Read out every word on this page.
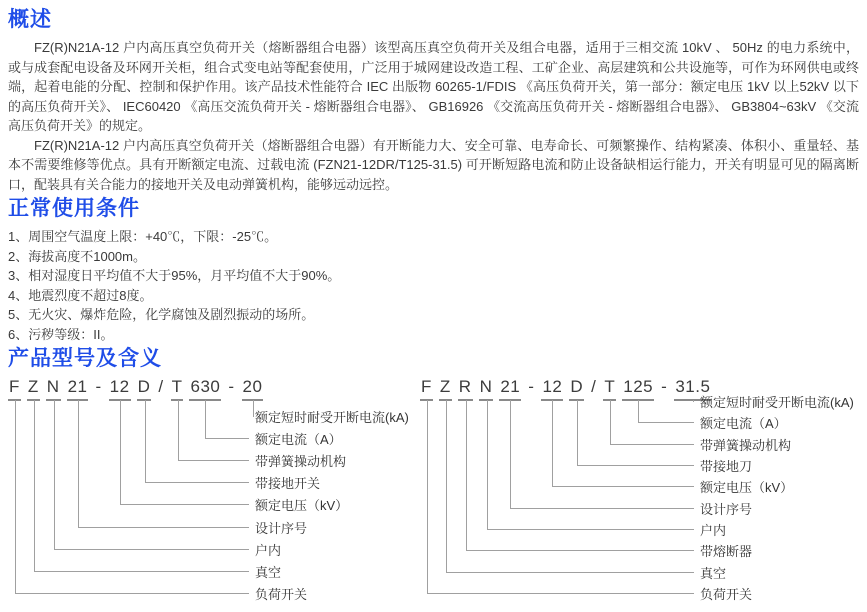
概述

FZ(R)N21A-12 户内高压真空负荷开关（熔断器组合电器）该型高压真空负荷开关及组合电器，适用于三相交流 10kV 、 50Hz 的电力系统中，或与成套配电设备及环网开关柜，组合式变电站等配套使用，广泛用于城网建设改造工程、工矿企业、高层建筑和公共设施等，可作为环网供电或终端，起着电能的分配、控制和保护作用。该产品技术性能符合 IEC 出版物 60265-1/FDIS 《高压负荷开关，第一部分：额定电压 1kV 以上52kV 以下的高压负荷开关》、 IEC60420 《高压交流负荷开关 - 熔断器组合电器》、 GB16926 《交流高压负荷开关 - 熔断器组合电器》、 GB3804~63kV 《交流高压负荷开关》的规定。

FZ(R)N21A-12 户内高压真空负荷开关（熔断器组合电器）有开断能力大、安全可靠、电寿命长、可频繁操作、结构紧凑、体积小、重量轻、基本不需要维修等优点。具有开断额定电流、过载电流 (FZN21-12DR/T125-31.5) 可开断短路电流和防止设备缺相运行能力，开关有明显可见的隔离断口，配装具有关合能力的接地开关及电动弹簧机构，能够远动远控。

正常使用条件
1、周围空气温度上限：+40℃，下限：-25℃。
2、海拔高度不1000m。
3、相对湿度日平均值不大于95%，月平均值不大于90%。
4、地震烈度不超过8度。
5、无火灾、爆炸危险，化学腐蚀及剧烈振动的场所。
6、污秽等级：II。
产品型号及含义
F Z N 21 - 12 D / T 630 - 20
额定短时耐受开断电流(kA)
额定电流（A）
带弹簧操动机构
带接地开关
额定电压（kV）
设计序号
户内
真空
负荷开关
F Z R N 21 - 12 D / T 125 - 31.5
额定短时耐受开断电流(kA)
额定电流（A）
带弹簧操动机构
带接地刀
额定电压（kV）
设计序号
户内
带熔断器
真空
负荷开关
